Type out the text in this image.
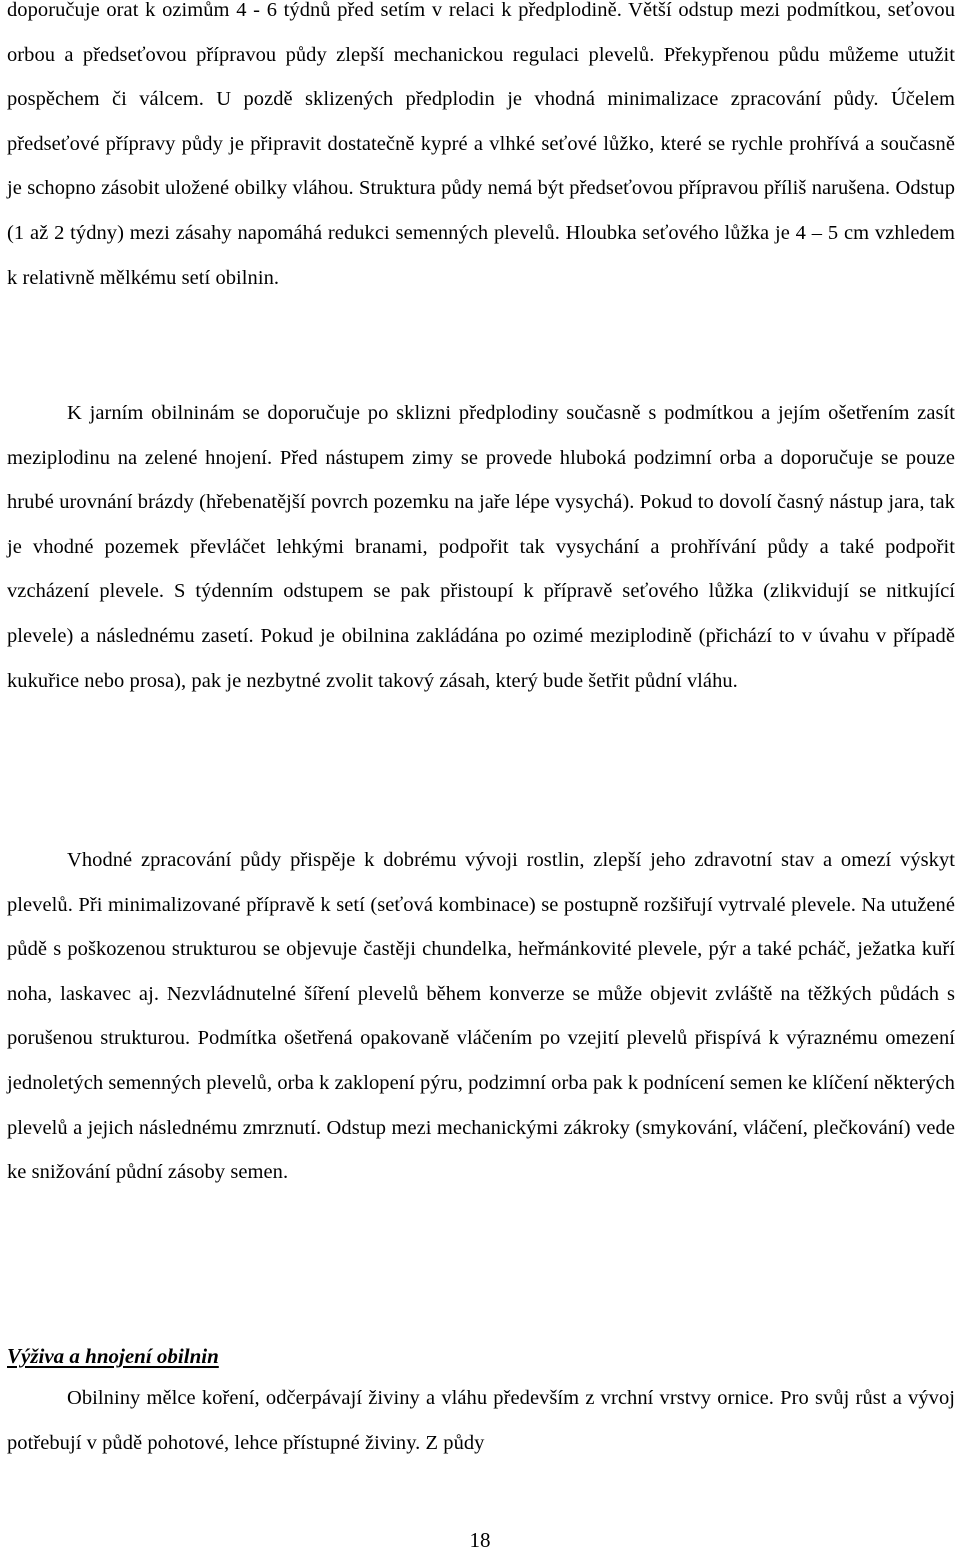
doporučuje orat k ozimům 4 - 6 týdnů před setím v relaci k předplodině. Větší odstup mezi podmítkou, seťovou orbou a předseťovou přípravou půdy zlepší mechanickou regulaci plevelů. Překypřenou půdu můžeme utužit pospěchem či válcem. U pozdě sklizených předplodin je vhodná minimalizace zpracování půdy. Účelem předseťové přípravy půdy je připravit dostatečně kypré a vlhké seťové lůžko, které se rychle prohřívá a současně je schopno zásobit uložené obilky vláhou. Struktura půdy nemá být předseťovou přípravou příliš narušena. Odstup (1 až 2 týdny) mezi zásahy napomáhá redukci semenných plevelů. Hloubka seťového lůžka je 4 – 5 cm vzhledem k relativně mělkému setí obilnin.

K jarním obilninám se doporučuje po sklizni předplodiny současně s podmítkou a jejím ošetřením zasít meziplodinu na zelené hnojení. Před nástupem zimy se provede hluboká podzimní orba a doporučuje se pouze hrubé urovnání brázdy (hřebenatější povrch pozemku na jaře lépe vysychá). Pokud to dovolí časný nástup jara, tak je vhodné pozemek převláčet lehkými branami, podpořit tak vysychání a prohřívání půdy a také podpořit vzcházení plevele. S týdenním odstupem se pak přistoupí k přípravě seťového lůžka (zlikvidují se nitkující plevele) a následnému zasetí. Pokud je obilnina zakládána po ozimé meziplodině (přichází to v úvahu v případě kukuřice nebo prosa), pak je nezbytné zvolit takový zásah, který bude šetřit půdní vláhu.

Vhodné zpracování půdy přispěje k dobrému vývoji rostlin, zlepší jeho zdravotní stav a omezí výskyt plevelů. Při minimalizované přípravě k setí (seťová kombinace) se postupně rozšiřují vytrvalé plevele. Na utužené půdě s poškozenou strukturou se objevuje častěji chundelka, heřmánkovité plevele, pýr a také pcháč, ježatka kuří noha, laskavec aj. Nezvládnutelné šíření plevelů během konverze se může objevit zvláště na těžkých půdách s porušenou strukturou. Podmítka ošetřená opakovaně vláčením po vzejití plevelů přispívá k výraznému omezení jednoletých semenných plevelů, orba k zaklopení pýru, podzimní orba pak k podnícení semen ke klíčení některých plevelů a jejich následnému zmrznutí. Odstup mezi mechanickými zákroky (smykování, vláčení, plečkování) vede ke snižování půdní zásoby semen.

Výživa a hnojení obilnin

Obilniny mělce koření, odčerpávají živiny a vláhu především z vrchní vrstvy ornice. Pro svůj růst a vývoj potřebují v půdě pohotové, lehce přístupné živiny. Z půdy

18
